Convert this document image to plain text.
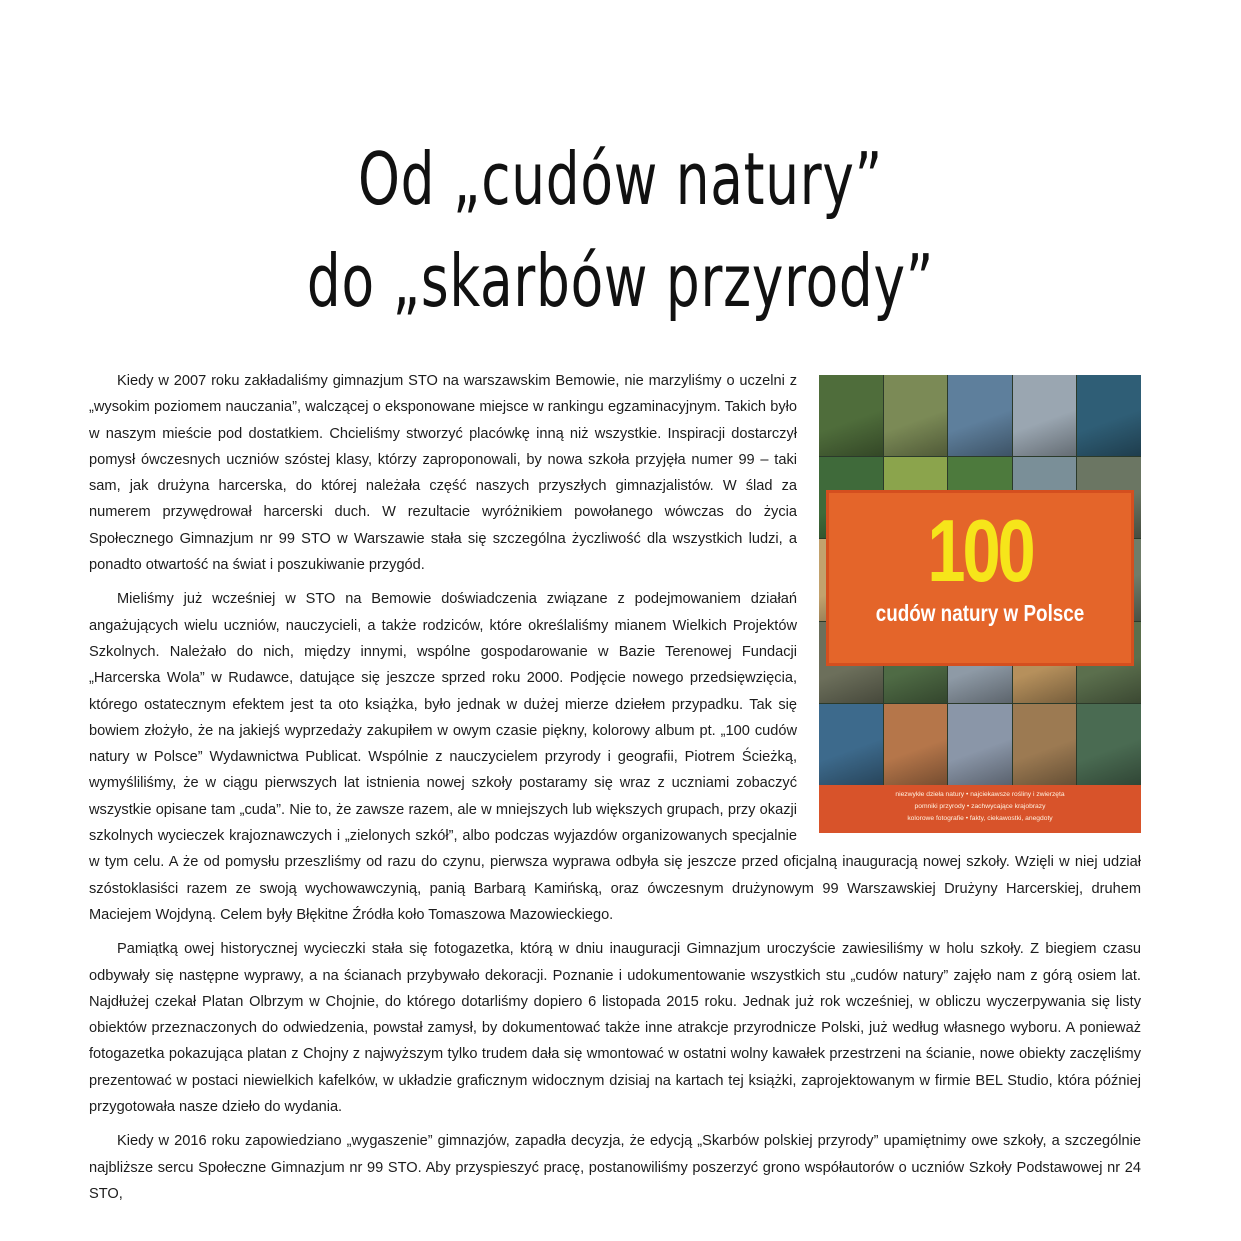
Od „cudów natury”
do „skarbów przyrody”
100
cudów natury w Polsce
niezwykłe dzieła natury • najciekawsze rośliny i zwierzęta
pomniki przyrody • zachwycające krajobrazy
kolorowe fotografie • fakty, ciekawostki, anegdoty

Kiedy w 2007 roku zakładaliśmy gimnazjum STO na warszawskim Bemowie, nie marzyliśmy o uczelni z „wysokim poziomem nauczania”, walczącej o eksponowane miejsce w rankingu egzaminacyjnym. Takich było w naszym mieście pod dostatkiem. Chcieliśmy stworzyć placówkę inną niż wszystkie. Inspiracji dostarczył pomysł ówczesnych uczniów szóstej klasy, którzy zaproponowali, by nowa szkoła przyjęła numer 99 – taki sam, jak drużyna harcerska, do której należała część naszych przyszłych gimnazjalistów. W ślad za numerem przywędrował harcerski duch. W rezultacie wyróżnikiem powołanego wówczas do życia Społecznego Gimnazjum nr 99 STO w Warszawie stała się szczególna życzliwość dla wszystkich ludzi, a ponadto otwartość na świat i poszukiwanie przygód.

Mieliśmy już wcześniej w STO na Bemowie doświadczenia związane z podejmowaniem działań angażujących wielu uczniów, nauczycieli, a także rodziców, które określaliśmy mianem Wielkich Projektów Szkolnych. Należało do nich, między innymi, wspólne gospodarowanie w Bazie Terenowej Fundacji „Harcerska Wola” w Rudawce, datujące się jeszcze sprzed roku 2000. Podjęcie nowego przedsięwzięcia, którego ostatecznym efektem jest ta oto książka, było jednak w dużej mierze dziełem przypadku. Tak się bowiem złożyło, że na jakiejś wyprzedaży zakupiłem w owym czasie piękny, kolorowy album pt. „100 cudów natury w Polsce” Wydawnictwa Publicat. Wspólnie z nauczycielem przyrody i geografii, Piotrem Ścieżką, wymyśliliśmy, że w ciągu pierwszych lat istnienia nowej szkoły postaramy się wraz z uczniami zobaczyć wszystkie opisane tam „cuda”. Nie to, że zawsze razem, ale w mniejszych lub większych grupach, przy okazji szkolnych wycieczek krajoznawczych i „zielonych szkół”, albo podczas wyjazdów organizowanych specjalnie w tym celu. A że od pomysłu przeszliśmy od razu do czynu, pierwsza wyprawa odbyła się jeszcze przed oficjalną inauguracją nowej szkoły. Wzięli w niej udział szóstoklasiści razem ze swoją wychowawczynią, panią Barbarą Kamińską, oraz ówczesnym drużynowym 99 Warszawskiej Drużyny Harcerskiej, druhem Maciejem Wojdyną. Celem były Błękitne Źródła koło Tomaszowa Mazowieckiego.

Pamiątką owej historycznej wycieczki stała się fotogazetka, którą w dniu inauguracji Gimnazjum uroczyście zawiesiliśmy w holu szkoły. Z biegiem czasu odbywały się następne wyprawy, a na ścianach przybywało dekoracji. Poznanie i udokumentowanie wszystkich stu „cudów natury” zajęło nam z górą osiem lat. Najdłużej czekał Platan Olbrzym w Chojnie, do którego dotarliśmy dopiero 6 listopada 2015 roku. Jednak już rok wcześniej, w obliczu wyczerpywania się listy obiektów przeznaczonych do odwiedzenia, powstał zamysł, by dokumentować także inne atrakcje przyrodnicze Polski, już według własnego wyboru. A ponieważ fotogazetka pokazująca platan z Chojny z najwyższym tylko trudem dała się wmontować w ostatni wolny kawałek przestrzeni na ścianie, nowe obiekty zaczęliśmy prezentować w postaci niewielkich kafelków, w układzie graficznym widocznym dzisiaj na kartach tej książki, zaprojektowanym w firmie BEL Studio, która później przygotowała nasze dzieło do wydania.

Kiedy w 2016 roku zapowiedziano „wygaszenie” gimnazjów, zapadła decyzja, że edycją „Skarbów polskiej przyrody” upamiętnimy owe szkoły, a szczególnie najbliższe sercu Społeczne Gimnazjum nr 99 STO. Aby przyspieszyć pracę, postanowiliśmy poszerzyć grono współautorów o uczniów Szkoły Podstawowej nr 24 STO,
